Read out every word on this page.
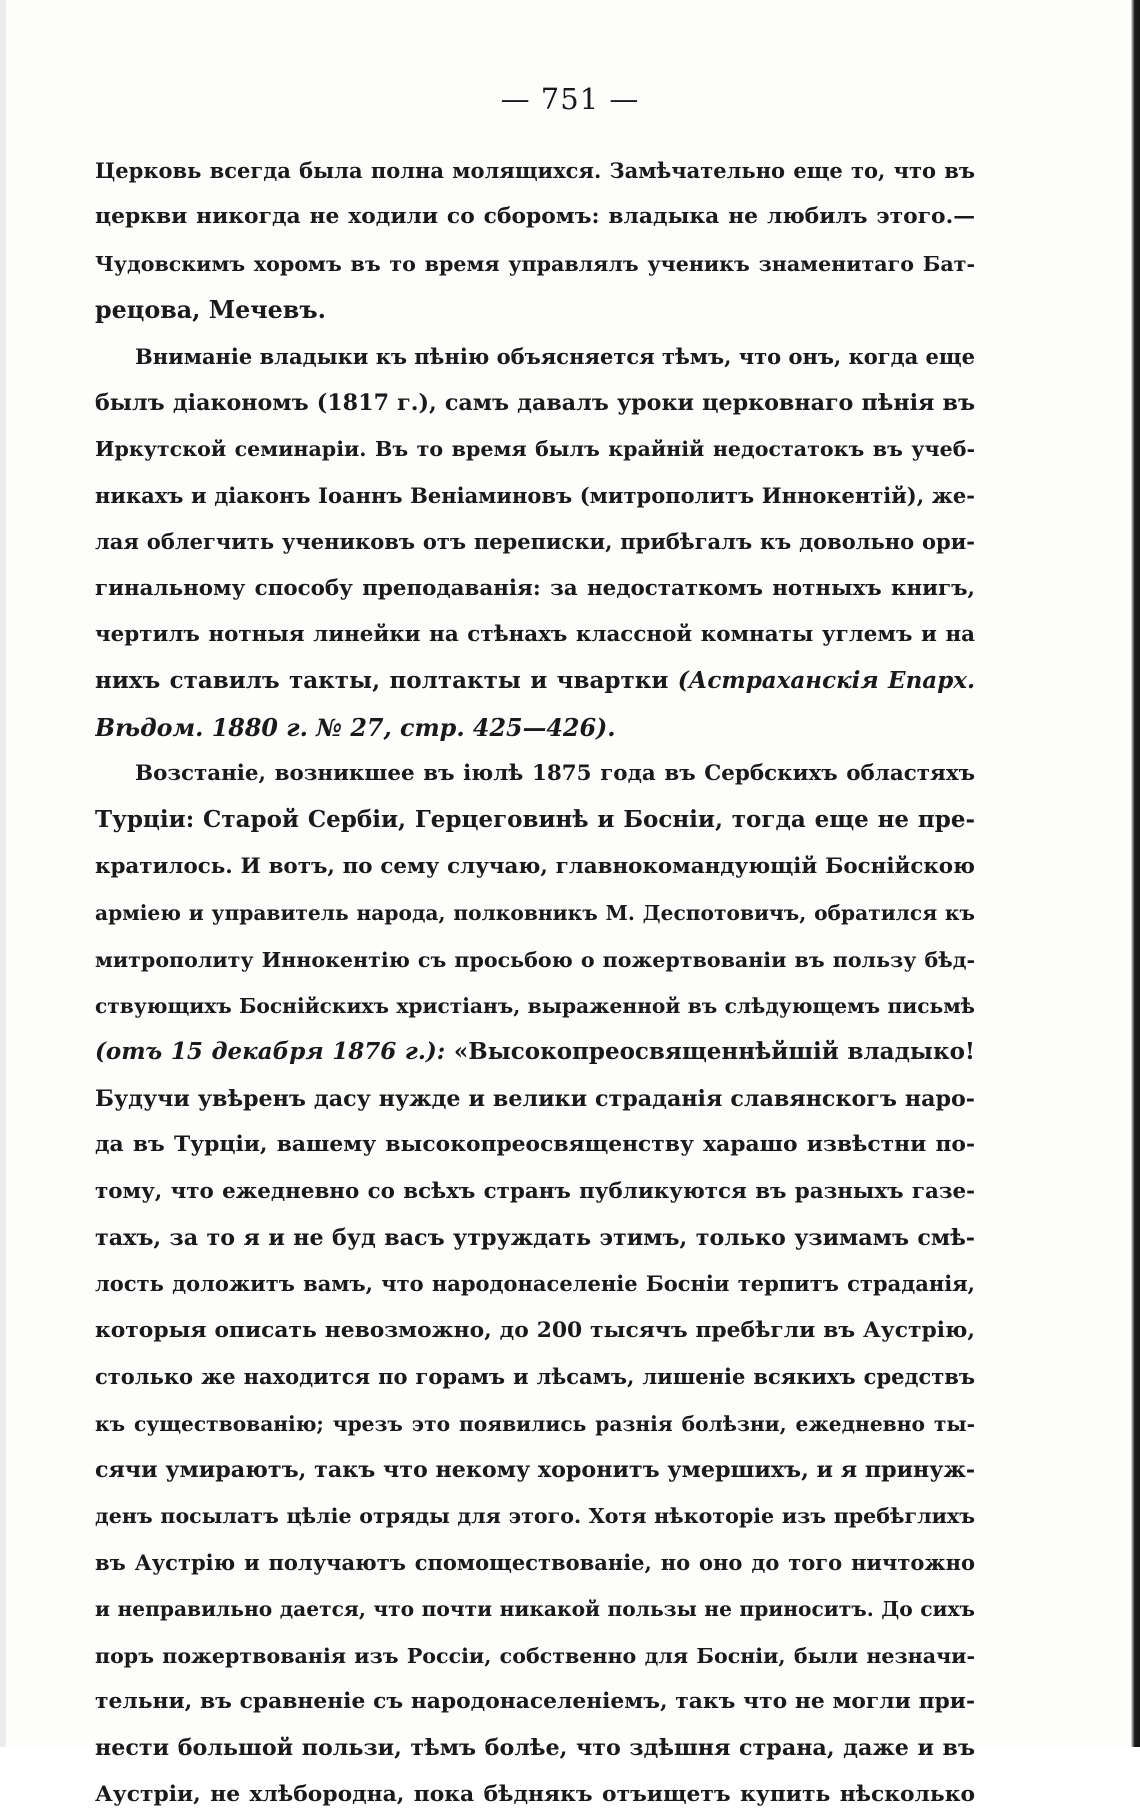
— 751 —
Церковь всегда была полна молящихся. Замѣчательно еще то, что въ
церкви никогда не ходили со сборомъ: владыка не любилъ этого.—
Чудовскимъ хоромъ въ то время управлялъ ученикъ знаменитаго Бат-
рецова, Мечевъ.
Вниманіе владыки къ пѣнію объясняется тѣмъ, что онъ, когда еще
былъ діакономъ (1817 г.), самъ давалъ уроки церковнаго пѣнія въ
Иркутской семинаріи. Въ то время былъ крайній недостатокъ въ учеб-
никахъ и діаконъ Іоаннъ Веніаминовъ (митрополитъ Иннокентій), же-
лая облегчить учениковъ отъ переписки, прибѣгалъ къ довольно ори-
гинальному способу преподаванія: за недостаткомъ нотныхъ книгъ,
чертилъ нотныя линейки на стѣнахъ классной комнаты углемъ и на
нихъ ставилъ такты, полтакты и чвартки (Астраханскія Епарх.
Вѣдом. 1880 г. № 27, стр. 425—426).
Возстаніе, возникшее въ іюлѣ 1875 года въ Сербскихъ областяхъ
Турціи: Старой Сербіи, Герцеговинѣ и Босніи, тогда еще не пре-
кратилось. И вотъ, по сему случаю, главнокомандующій Боснійскою
арміею и управитель народа, полковникъ М. Деспотовичъ, обратился къ
митрополиту Иннокентію съ просьбою о пожертвованіи въ пользу бѣд-
ствующихъ Боснійскихъ христіанъ, выраженной въ слѣдующемъ письмѣ
(отъ 15 декабря 1876 г.): «Высокопреосвященнѣйшій владыко!
Будучи увѣренъ дасу нужде и велики страданія славянскогъ наро-
да въ Турціи, вашему высокопреосвященству харашо извѣстни по-
тому, что ежедневно со всѣхъ странъ публикуются въ разныхъ газе-
тахъ, за то я и не буд васъ утруждать этимъ, только узимамъ смѣ-
лость доложитъ вамъ, что народонаселеніе Босніи терпитъ страданія,
которыя описать невозможно, до 200 тысячъ пребѣгли въ Аустрію,
столько же находится по горамъ и лѣсамъ, лишеніе всякихъ средствъ
къ существованію; чрезъ это появились разнія болѣзни, ежедневно ты-
сячи умираютъ, такъ что некому хоронитъ умершихъ, и я принуж-
денъ посылатъ цѣліе отряды для этого. Хотя нѣкоторіе изъ пребѣглихъ
въ Аустрію и получаютъ спомоществованіе, но оно до того ничтожно
и неправильно дается, что почти никакой пользы не приноситъ. До сихъ
поръ пожертвованія изъ Россіи, собственно для Босніи, были незначи-
тельни, въ сравненіе съ народонаселеніемъ, такъ что не могли при-
нести большой пользи, тѣмъ болѣе, что здѣшня страна, даже и въ
Аустріи, не хлѣбородна, пока бѣднякъ отъищетъ купить нѣсколько
